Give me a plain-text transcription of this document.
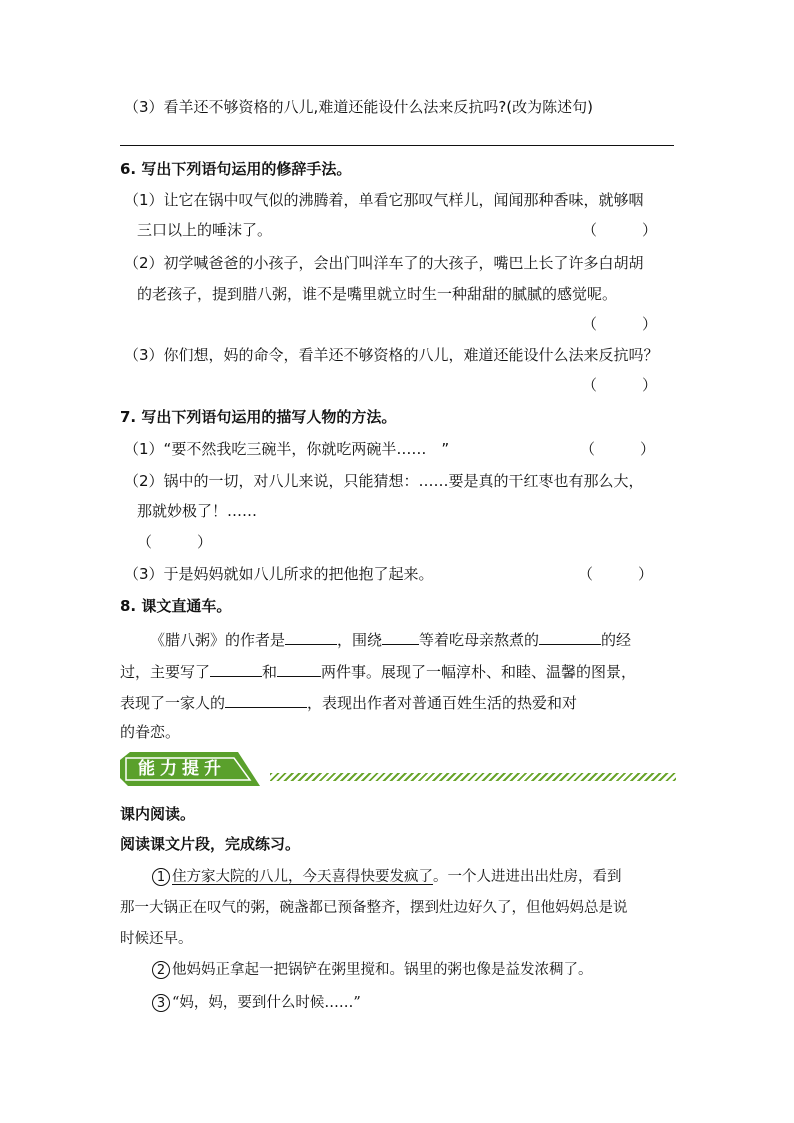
（3）看羊还不够资格的八儿,难道还能设什么法来反抗吗?(改为陈述句)
6. 写出下列语句运用的修辞手法。
（1）让它在锅中叹气似的沸腾着，单看它那叹气样儿，闻闻那种香味，就够咽
三口以上的唾沫了。	（　　　）
（2）初学喊爸爸的小孩子，会出门叫洋车了的大孩子，嘴巴上长了许多白胡胡
的老孩子，提到腊八粥，谁不是嘴里就立时生一种甜甜的腻腻的感觉呢。
（　　　）
（3）你们想，妈的命令，看羊还不够资格的八儿，难道还能设什么法来反抗吗？
（　　　）
7. 写出下列语句运用的描写人物的方法。
（1）“要不然我吃三碗半，你就吃两碗半……　”	（　　　）
（2）锅中的一切，对八儿来说，只能猜想：……要是真的干红枣也有那么大，
那就妙极了！……
（　　　）
（3）于是妈妈就如八儿所求的把他抱了起来。	（　　　）
8. 课文直通车。
《腊八粥》的作者是	，围绕 等着吃母亲熬煮的	的经
过，主要写了	和	两件事。展现了一幅淳朴、和睦、温馨的图景，
表现了一家人的	，表现出作者对普通百姓生活的热爱和对
的眷恋。
能力提升
课内阅读。
阅读课文片段，完成练习。
1 住方家大院的八儿，今天喜得快要发疯了。一个人进进出出灶房，看到
那一大锅正在叹气的粥，碗盏都已预备整齐，摆到灶边好久了，但他妈妈总是说
时候还早。
2 他妈妈正拿起一把锅铲在粥里搅和。锅里的粥也像是益发浓稠了。
3 “妈，妈，要到什么时候……”
